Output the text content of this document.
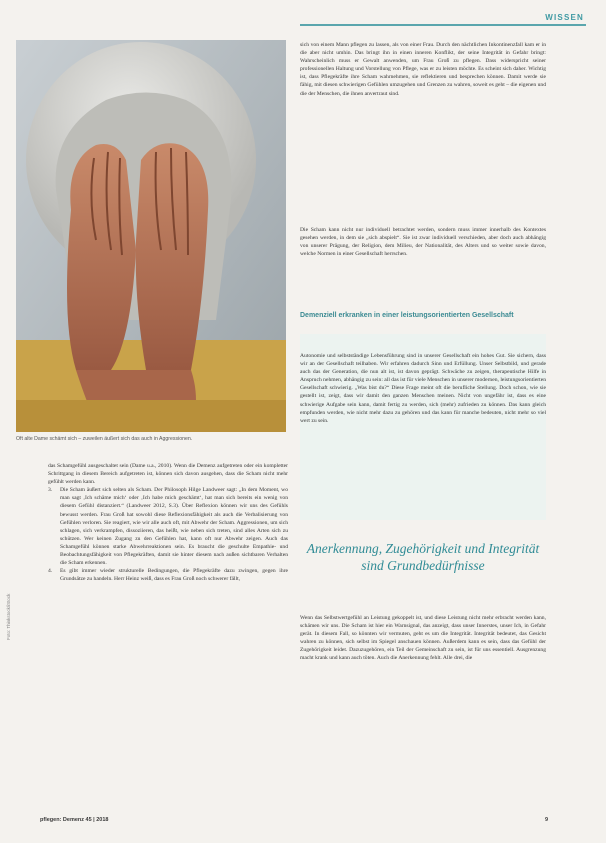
WISSEN
Oft alte Dame schämt sich – zuweilen äußert sich das auch in Aggressionen.
Foto: Thinkstock/iStock

das Schamgefühl ausgeschaltet sein (Dame u.a., 2010). Wenn die Demenz aufgetreten oder ein kompletter Schrittgang in diesem Bereich aufgetreten ist, können sich davon ausgehen, dass die Scham nicht mehr gefühlt werden kann.

3. Die Scham äußert sich selten als Scham. Der Philosoph Hilge Landweer sagt: „In dem Moment, wo man sagt ‚Ich schäme mich‘ oder ‚Ich habe mich geschämt‘, hat man sich bereits ein wenig von diesem Gefühl distanziert.“ (Landweer 2012, S.3). Über Reflexion können wir uns des Gefühls bewusst werden. Frau Groß hat sowohl diese Reflexionsfähigkeit als auch die Verbalisierung von Gefühlen verloren. Sie reagiert, wie wir alle auch oft, mit Abwehr der Scham. Aggressionen, um sich schlagen, sich verkrampfen, dissoziieren, das heißt, wie neben sich treten, sind alles Arten sich zu schützen. Wer keinen Zugang zu den Gefühlen hat, kann oft nur Abwehr zeigen. Auch das Schamgefühl können starke Abwehrreaktionen sein. Es braucht die geschulte Empathie- und Beobachtungsfähigkeit von Pflegekräften, damit sie hinter diesem nach außen sichtbaren Verhalten die Scham erkennen.

4. Es gibt immer wieder strukturelle Bedingungen, die Pflegekräfte dazu zwingen, gegen ihre Grundsätze zu handeln. Herr Heinz weiß, dass es Frau Groß noch schwerer fällt,

sich von einem Mann pflegen zu lassen, als von einer Frau. Durch den nächtlichen Inkontinenzfall kam er in die aber nicht umhin. Das bringt ihn in einen inneren Konflikt, der seine Integrität in Gefahr bringt: Wahrscheinlich muss er Gewalt anwenden, um Frau Groß zu pflegen. Dass widerspricht seiner professionellen Haltung und Vorstellung von Pflege, was er zu leisten möchte. Es scheint sich daher. Wichtig ist, dass Pflegekräfte ihre Scham wahrnehmen, sie reflektieren und besprechen können. Damit werde sie fähig, mit diesen schwierigen Gefühlen umzugehen und Grenzen zu wahren, soweit es geht – die eigenen und die der Menschen, die ihnen anvertraut sind.

Die Scham kann nicht nur individuell betrachtet werden, sondern muss immer innerhalb des Kontextes gesehen werden, in dem sie „sich abspielt“. Sie ist zwar individuell verschieden, aber doch auch abhängig von unserer Prägung, der Religion, dem Milieu, der Nationalität, des Alters und so weiter sowie davon, welche Normen in einer Gesellschaft herrschen.

Demenziell erkranken in einer leistungsorientierten Gesellschaft

Autonomie und selbstständige Lebensführung sind in unserer Gesellschaft ein hohes Gut. Sie sichern, dass wir an der Gesellschaft teilhaben. Wir erfahren dadurch Sinn und Erfüllung. Unser Selbstbild, und gerade auch das der Generation, die nun alt ist, ist davon geprägt. Schwäche zu zeigen, therapeutische Hilfe in Anspruch nehmen, abhängig zu sein: all das ist für viele Menschen in unserer modernen, leistungsorientierten Gesellschaft schwierig. „Was bist du?“ Diese Frage meint oft die berufliche Stellung. Doch schon, wie sie gestellt ist, zeigt, dass wir damit den ganzen Menschen meinen. Nicht von ungefähr ist, dass es eine schwierige Aufgabe sein kann, damit fertig zu werden, sich (mehr) zufrieden zu können. Das kann gleich empfunden werden, wie nicht mehr dazu zu gehören und das kann für manche bedeuten, nicht mehr so viel wert zu sein.

Anerkennung, Zugehörigkeit und Integrität sind Grundbedürfnisse

Wenn das Selbstwertgefühl an Leistung gekoppelt ist, und diese Leistung nicht mehr erbracht werden kann, schämen wir uns. Die Scham ist hier ein Warnsignal, das anzeigt, dass unser Innerstes, unser Ich, in Gefahr gerät. In diesem Fall, so könnten wir vermuten, geht es um die Integrität. Integrität bedeutet, das Gesicht wahren zu können, sich selbst im Spiegel anschauen können. Außerdem kann es sein, dass das Gefühl der Zugehörigkeit leidet. Dazuzugehören, ein Teil der Gemeinschaft zu sein, ist für uns essentiell. Ausgrenzung macht krank und kann auch töten. Auch die Anerkennung fehlt. Alle drei, die

pflegen: Demenz 45 | 2018	9
